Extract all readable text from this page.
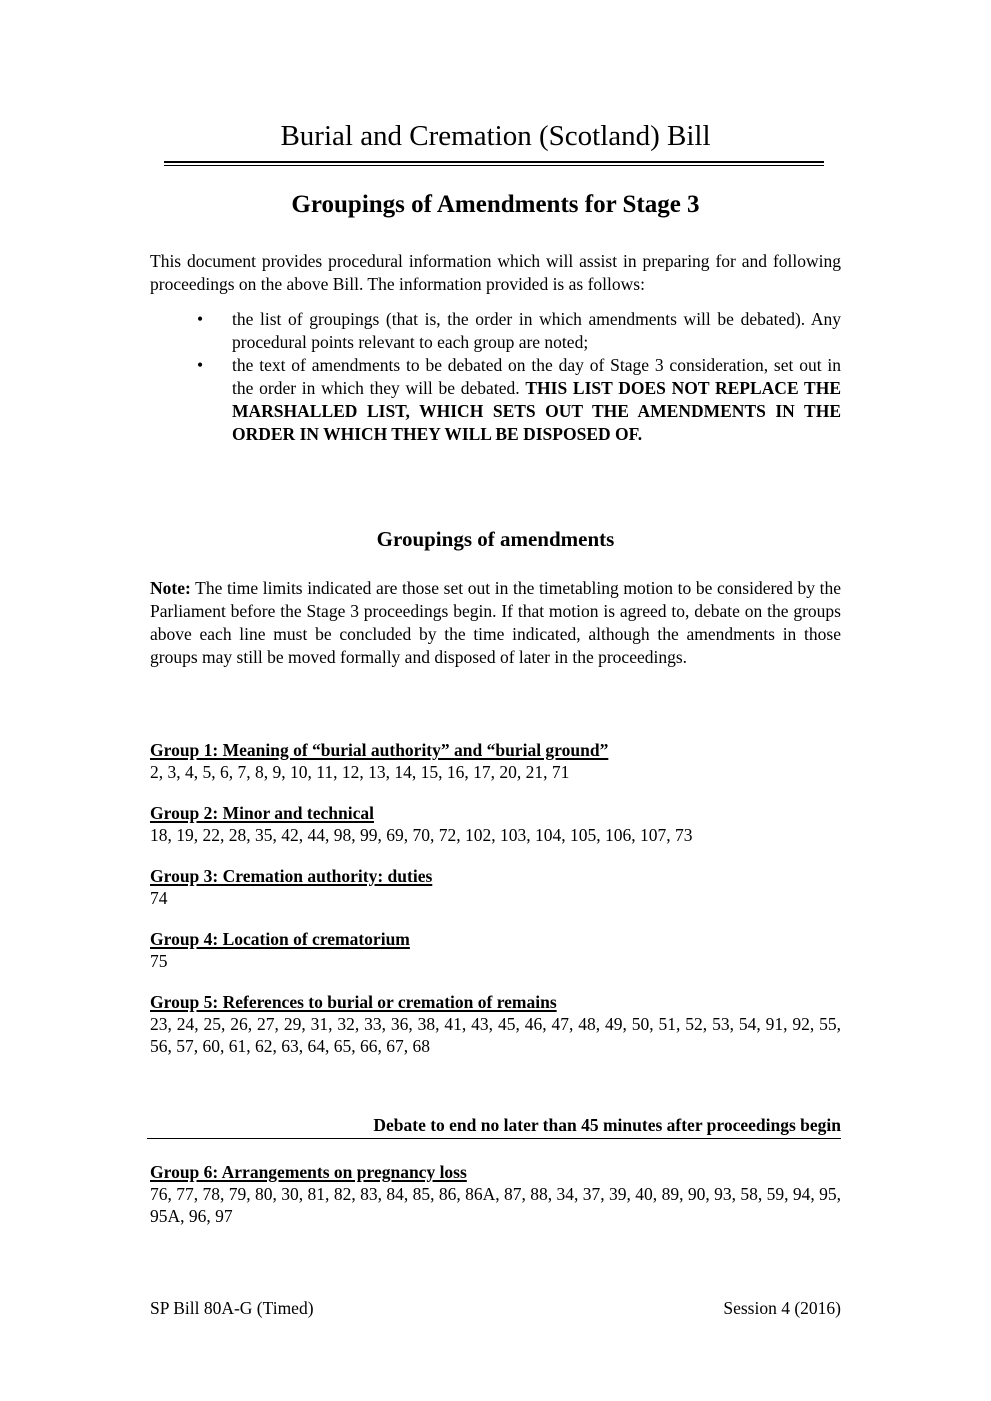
Burial and Cremation (Scotland) Bill
Groupings of Amendments for Stage 3
This document provides procedural information which will assist in preparing for and following proceedings on the above Bill. The information provided is as follows:
• the list of groupings (that is, the order in which amendments will be debated). Any procedural points relevant to each group are noted;
• the text of amendments to be debated on the day of Stage 3 consideration, set out in the order in which they will be debated. THIS LIST DOES NOT REPLACE THE MARSHALLED LIST, WHICH SETS OUT THE AMENDMENTS IN THE ORDER IN WHICH THEY WILL BE DISPOSED OF.
Groupings of amendments
Note: The time limits indicated are those set out in the timetabling motion to be considered by the Parliament before the Stage 3 proceedings begin. If that motion is agreed to, debate on the groups above each line must be concluded by the time indicated, although the amendments in those groups may still be moved formally and disposed of later in the proceedings.
Group 1: Meaning of “burial authority” and “burial ground”
2, 3, 4, 5, 6, 7, 8, 9, 10, 11, 12, 13, 14, 15, 16, 17, 20, 21, 71
Group 2: Minor and technical
18, 19, 22, 28, 35, 42, 44, 98, 99, 69, 70, 72, 102, 103, 104, 105, 106, 107, 73
Group 3: Cremation authority: duties
74
Group 4: Location of crematorium
75
Group 5: References to burial or cremation of remains
23, 24, 25, 26, 27, 29, 31, 32, 33, 36, 38, 41, 43, 45, 46, 47, 48, 49, 50, 51, 52, 53, 54, 91, 92, 55, 56, 57, 60, 61, 62, 63, 64, 65, 66, 67, 68
Debate to end no later than 45 minutes after proceedings begin
Group 6: Arrangements on pregnancy loss
76, 77, 78, 79, 80, 30, 81, 82, 83, 84, 85, 86, 86A, 87, 88, 34, 37, 39, 40, 89, 90, 93, 58, 59, 94, 95, 95A, 96, 97
SP Bill 80A-G (Timed)	Session 4 (2016)
